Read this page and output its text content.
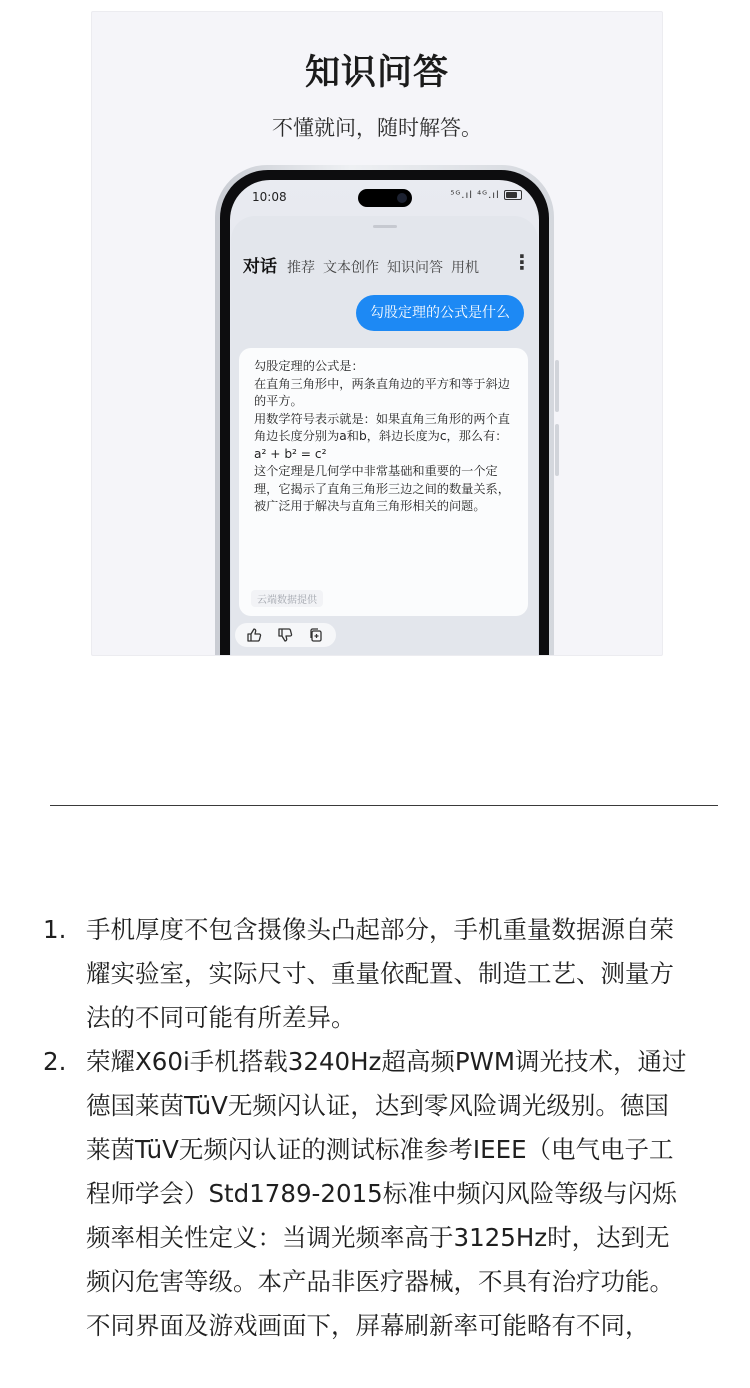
知识问答
不懂就问，随时解答。
10:08	⁵ᴳ.ıl ⁴ᴳ.ıl
对话 推荐 文本创作 知识问答 用机	⋮
勾股定理的公式是什么
勾股定理的公式是：
在直角三角形中，两条直角边的平方和等于斜边的平方。
用数学符号表示就是：如果直角三角形的两个直角边长度分别为a和b，斜边长度为c，那么有：
a² + b² = c²
这个定理是几何学中非常基础和重要的一个定理，它揭示了直角三角形三边之间的数量关系，被广泛用于解决与直角三角形相关的问题。
云端数据提供
1. 手机厚度不包含摄像头凸起部分，手机重量数据源自荣耀实验室，实际尺寸、重量依配置、制造工艺、测量方法的不同可能有所差异。
2. 荣耀X60i手机搭载3240Hz超高频PWM调光技术，通过德国莱茵TüV无频闪认证，达到零风险调光级别。德国莱茵TüV无频闪认证的测试标准参考IEEE（电气电子工程师学会）Std1789-2015标准中频闪风险等级与闪烁频率相关性定义：当调光频率高于3125Hz时，达到无频闪危害等级。本产品非医疗器械，不具有治疗功能。不同界面及游戏画面下，屏幕刷新率可能略有不同，
